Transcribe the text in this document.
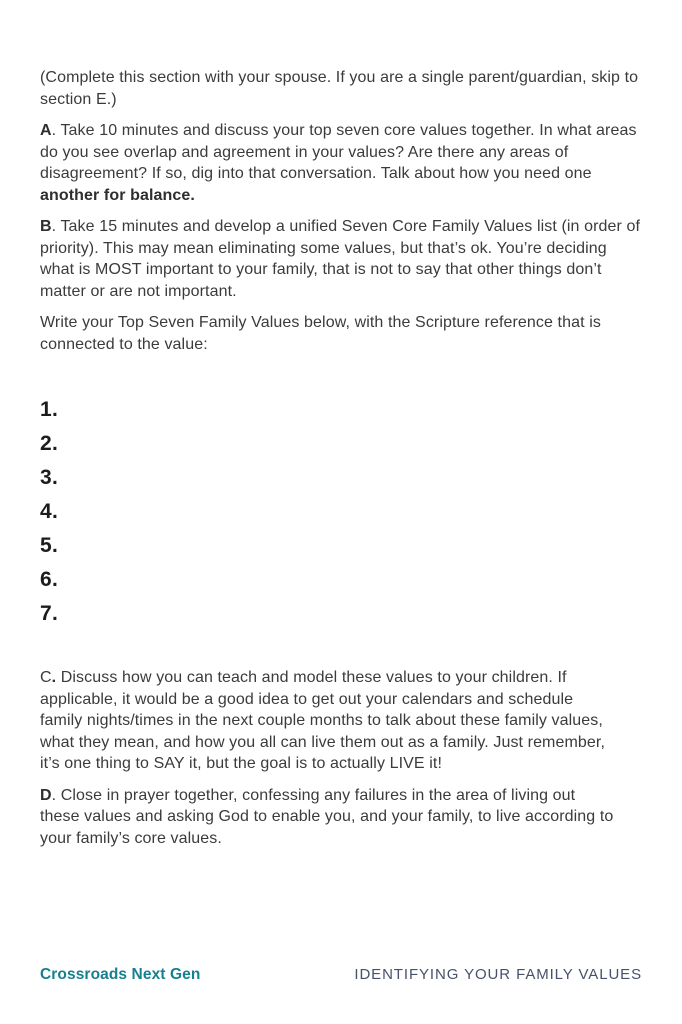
(Complete this section with your spouse. If you are a single parent/guardian, skip to section E.)

A. Take 10 minutes and discuss your top seven core values together. In what areas do you see overlap and agreement in your values? Are there any areas of disagreement? If so, dig into that conversation. Talk about how you need one another for balance.

B. Take 15 minutes and develop a unified Seven Core Family Values list (in order of priority). This may mean eliminating some values, but that’s ok. You’re deciding what is MOST important to your family, that is not to say that other things don’t matter or are not important.

Write your Top Seven Family Values below, with the Scripture reference that is connected to the value:

1.
2.
3.
4.
5.
6.
7.

C. Discuss how you can teach and model these values to your children. If applicable, it would be a good idea to get out your calendars and schedule family nights/times in the next couple months to talk about these family values, what they mean, and how you all can live them out as a family. Just remember, it’s one thing to SAY it, but the goal is to actually LIVE it!

D. Close in prayer together, confessing any failures in the area of living out these values and asking God to enable you, and your family, to live according to your family’s core values.

Crossroads Next Gen	IDENTIFYING YOUR FAMILY VALUES
